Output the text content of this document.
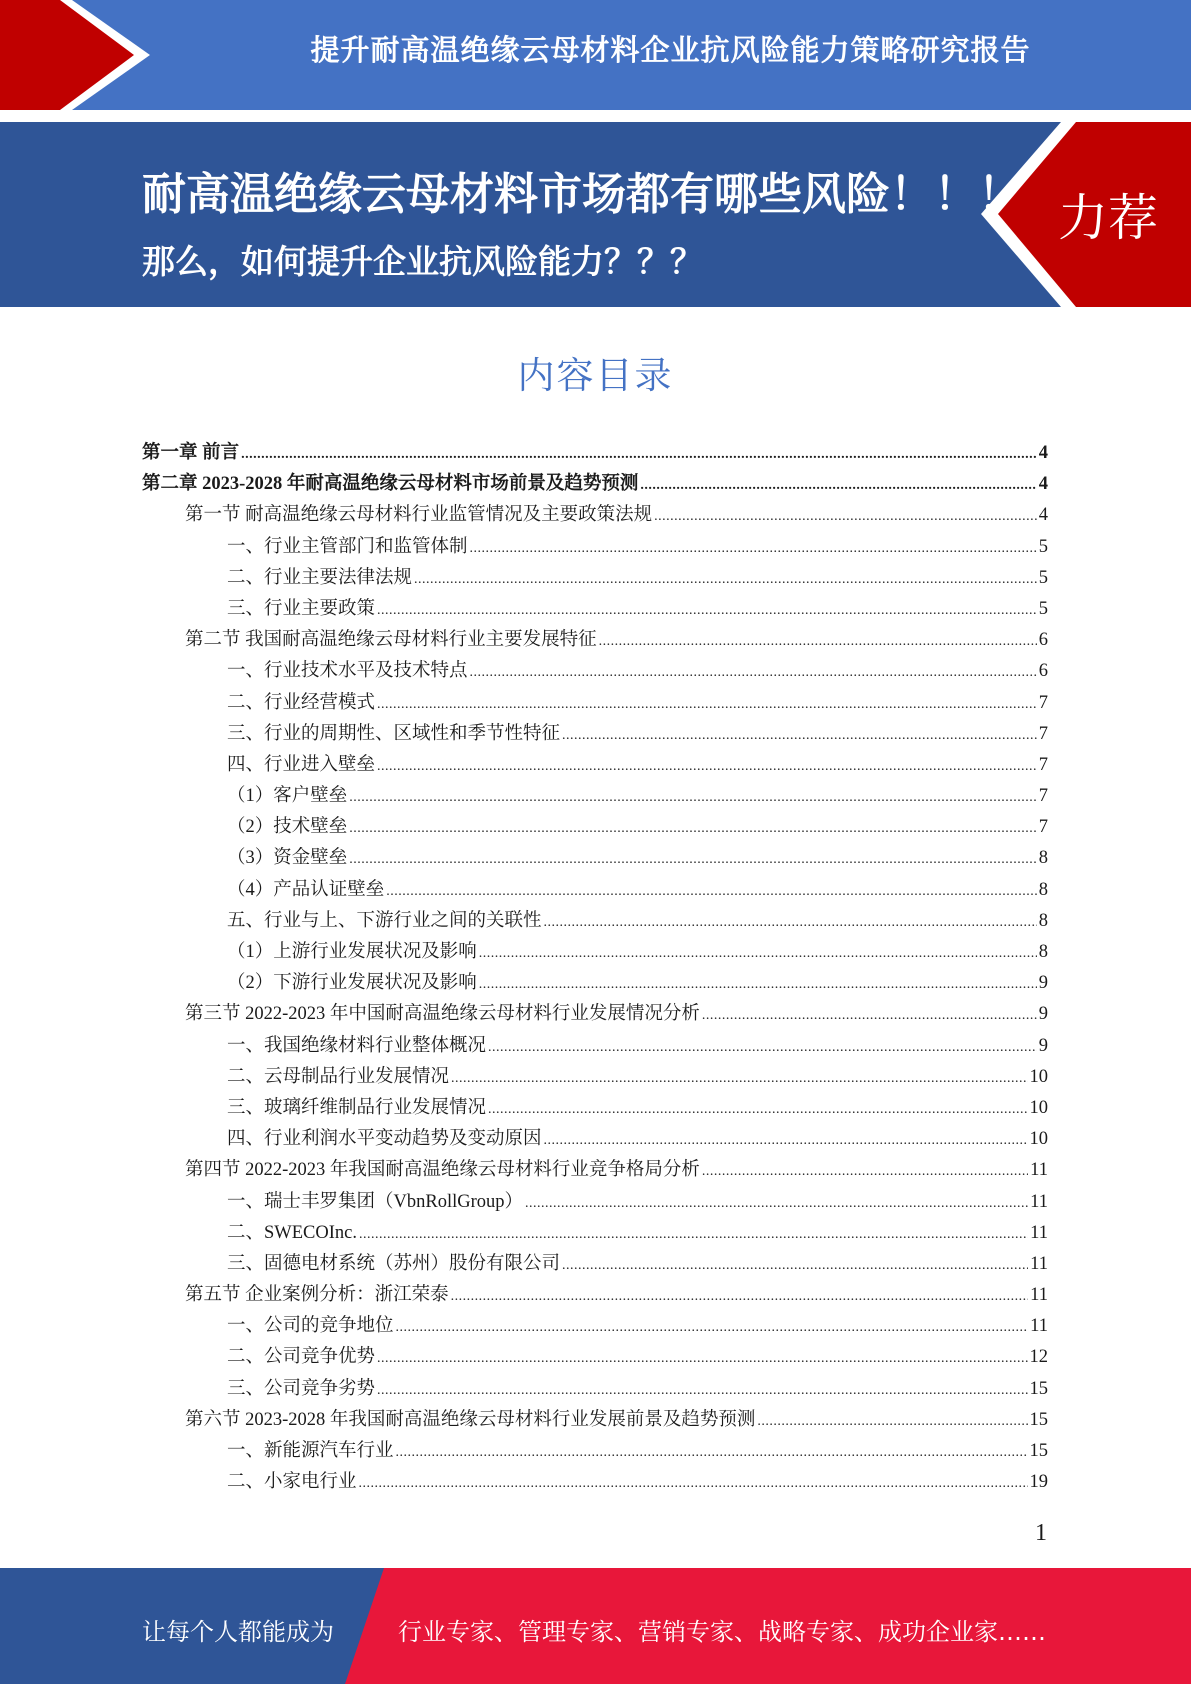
提升耐高温绝缘云母材料企业抗风险能力策略研究报告
耐高温绝缘云母材料市场都有哪些风险！！！
那么，如何提升企业抗风险能力？？？
力荐
内容目录
第一章 前言 .....	4
第二章 2023-2028 年耐高温绝缘云母材料市场前景及趋势预测 .....	4
第一节 耐高温绝缘云母材料行业监管情况及主要政策法规 .....	4
一、行业主管部门和监管体制 .....	5
二、行业主要法律法规 .....	5
三、行业主要政策 .....	5
第二节 我国耐高温绝缘云母材料行业主要发展特征 .....	6
一、行业技术水平及技术特点 .....	6
二、行业经营模式 .....	7
三、行业的周期性、区域性和季节性特征 .....	7
四、行业进入壁垒 .....	7
（1）客户壁垒 .....	7
（2）技术壁垒 .....	7
（3）资金壁垒 .....	8
（4）产品认证壁垒 .....	8
五、行业与上、下游行业之间的关联性 .....	8
（1）上游行业发展状况及影响 .....	8
（2）下游行业发展状况及影响 .....	9
第三节 2022-2023 年中国耐高温绝缘云母材料行业发展情况分析 .....	9
一、我国绝缘材料行业整体概况 .....	9
二、云母制品行业发展情况 .....	10
三、玻璃纤维制品行业发展情况 .....	10
四、行业利润水平变动趋势及变动原因 .....	10
第四节 2022-2023 年我国耐高温绝缘云母材料行业竞争格局分析 .....	11
一、瑞士丰罗集团（VbnRollGroup） .....	11
二、SWECOInc. .....	11
三、固德电材系统（苏州）股份有限公司 .....	11
第五节 企业案例分析：浙江荣泰 .....	11
一、公司的竞争地位 .....	11
二、公司竞争优势 .....	12
三、公司竞争劣势 .....	15
第六节 2023-2028 年我国耐高温绝缘云母材料行业发展前景及趋势预测 .....	15
一、新能源汽车行业 .....	15
二、小家电行业 .....	19
1
让每个人都能成为	行业专家、管理专家、营销专家、战略专家、成功企业家……
